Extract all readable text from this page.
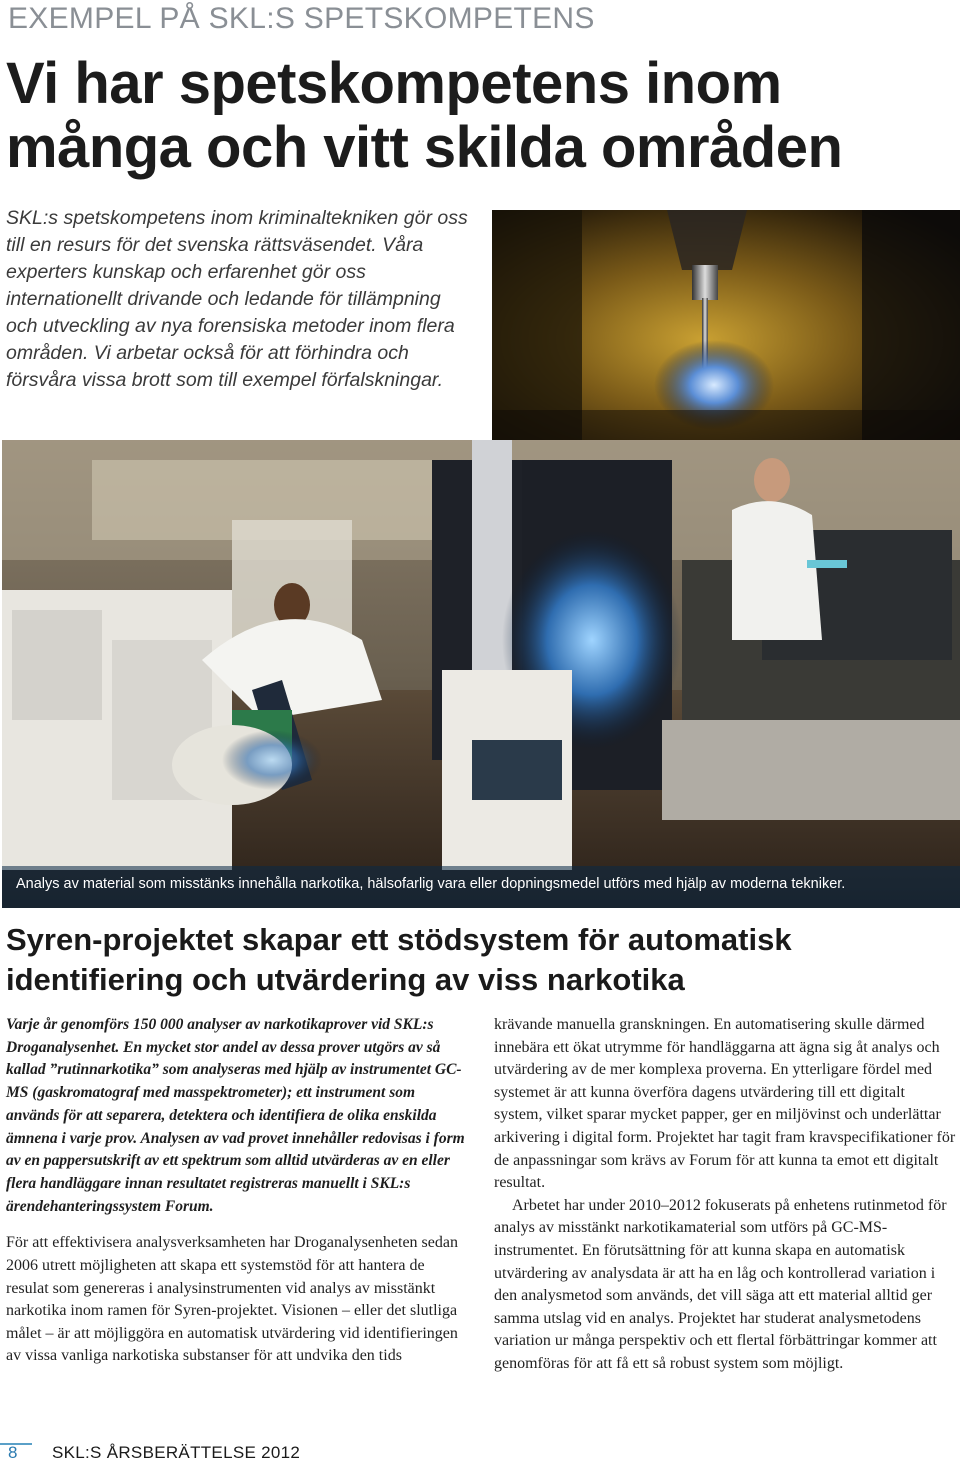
EXEMPEL PÅ SKL:S SPETSKOMPETENS
Vi har spetskompetens inom många och vitt skilda områden
SKL:s spetskompetens inom kriminaltekniken gör oss till en resurs för det svenska rättsväsendet. Våra experters kunskap och erfarenhet gör oss internationellt drivande och ledande för tillämpning och utveckling av nya forensiska metoder inom flera områden. Vi arbetar också för att förhindra och försvåra vissa brott som till exempel förfalskningar.
Analys av material som misstänks innehålla narkotika, hälsofarlig vara eller dopningsmedel utförs med hjälp av moderna tekniker.
Syren-projektet skapar ett stödsystem för automatisk identifiering och utvärdering av viss narkotika

Varje år genomförs 150 000 analyser av narkotikaprover vid SKL:s Droganalysenhet. En mycket stor andel av dessa prover utgörs av så kallad ”rutinnarkotika” som analyseras med hjälp av instrumentet GC-MS (gaskromatograf med masspektrometer); ett instrument som används för att separera, detektera och identifiera de olika enskilda ämnena i varje prov. Analysen av vad provet innehåller redovisas i form av en pappersutskrift av ett spektrum som alltid utvärderas av en eller flera handläggare innan resultatet registreras manuellt i SKL:s ärendehanteringssystem Forum.

För att effektivisera analysverksamheten har Droganalysenheten sedan 2006 utrett möjligheten att skapa ett systemstöd för att hantera de resulat som genereras i analysinstrumenten vid analys av misstänkt narkotika inom ramen för Syren-projektet. Visionen – eller det slutliga målet – är att möjliggöra en automatisk utvärdering vid identifieringen av vissa vanliga narkotiska substanser för att undvika den tids

krävande manuella granskningen. En automatisering skulle därmed innebära ett ökat utrymme för handläggarna att ägna sig åt analys och utvärdering av de mer komplexa proverna. En ytterligare fördel med systemet är att kunna överföra dagens utvärdering till ett digitalt system, vilket sparar mycket papper, ger en miljövinst och underlättar arkivering i digital form. Projektet har tagit fram kravspecifikationer för de anpassningar som krävs av Forum för att kunna ta emot ett digitalt resultat.

Arbetet har under 2010–2012 fokuserats på enhetens rutinmetod för analys av misstänkt narkotikamaterial som utförs på GC-MS-instrumentet. En förutsättning för att kunna skapa en automatisk utvärdering av analysdata är att ha en låg och kontrollerad variation i den analysmetod som används, det vill säga att ett material alltid ger samma utslag vid en analys. Projektet har studerat analysmetodens variation ur många perspektiv och ett flertal förbättringar kommer att genomföras för att få ett så robust system som möjligt.

8 SKL:S ÅRSBERÄTTELSE 2012
